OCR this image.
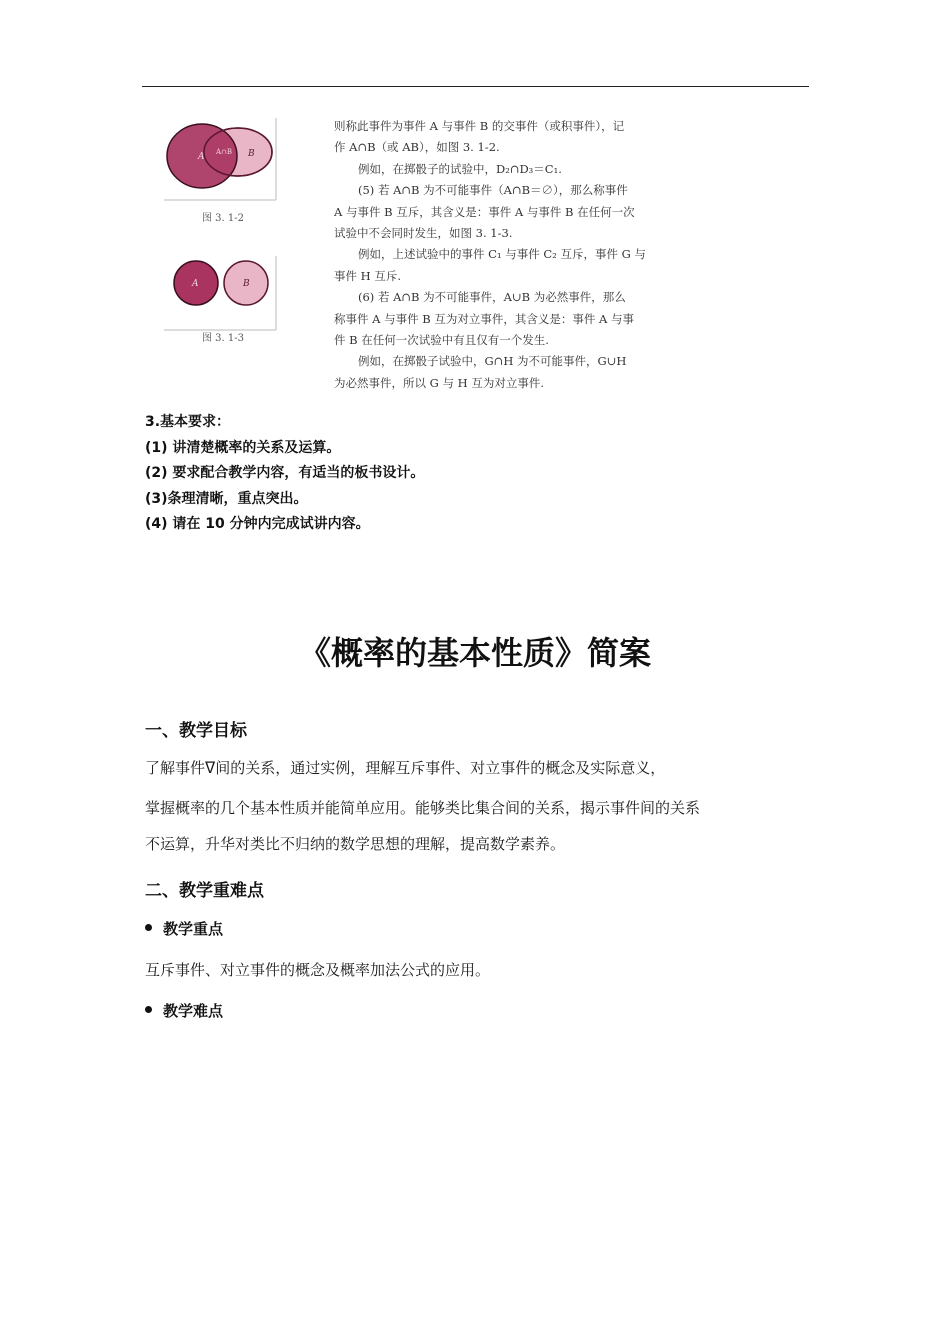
A A∩B B
图 3. 1-2
A	B
图 3. 1-3

则称此事件为事件 A 与事件 B 的交事件（或积事件），记

作 A∩B（或 AB），如图 3. 1-2.

例如，在掷骰子的试验中，D₂∩D₃＝C₁.

(5) 若 A∩B 为不可能事件（A∩B＝∅），那么称事件

A 与事件 B 互斥，其含义是：事件 A 与事件 B 在任何一次

试验中不会同时发生，如图 3. 1-3.

例如，上述试验中的事件 C₁ 与事件 C₂ 互斥，事件 G 与

事件 H 互斥.

(6) 若 A∩B 为不可能事件，A∪B 为必然事件，那么

称事件 A 与事件 B 互为对立事件，其含义是：事件 A 与事

件 B 在任何一次试验中有且仅有一个发生.

例如，在掷骰子试验中，G∩H 为不可能事件，G∪H

为必然事件，所以 G 与 H 互为对立事件.

3.基本要求：
(1) 讲清楚概率的关系及运算。
(2) 要求配合教学内容，有适当的板书设计。
(3)条理清晰，重点突出。
(4) 请在 10 分钟内完成试讲内容。
《概率的基本性质》简案
一、教学目标
了解事件ᐁ间的关系，通过实例，理解互斥事件、对立事件的概念及实际意义，
掌握概率的几个基本性质并能简单应用。能够类比集合间的关系，揭示事件间的关系
不运算，升华对类比不归纳的数学思想的理解，提高数学素养。
二、教学重难点
教学重点
互斥事件、对立事件的概念及概率加法公式的应用。
教学难点
